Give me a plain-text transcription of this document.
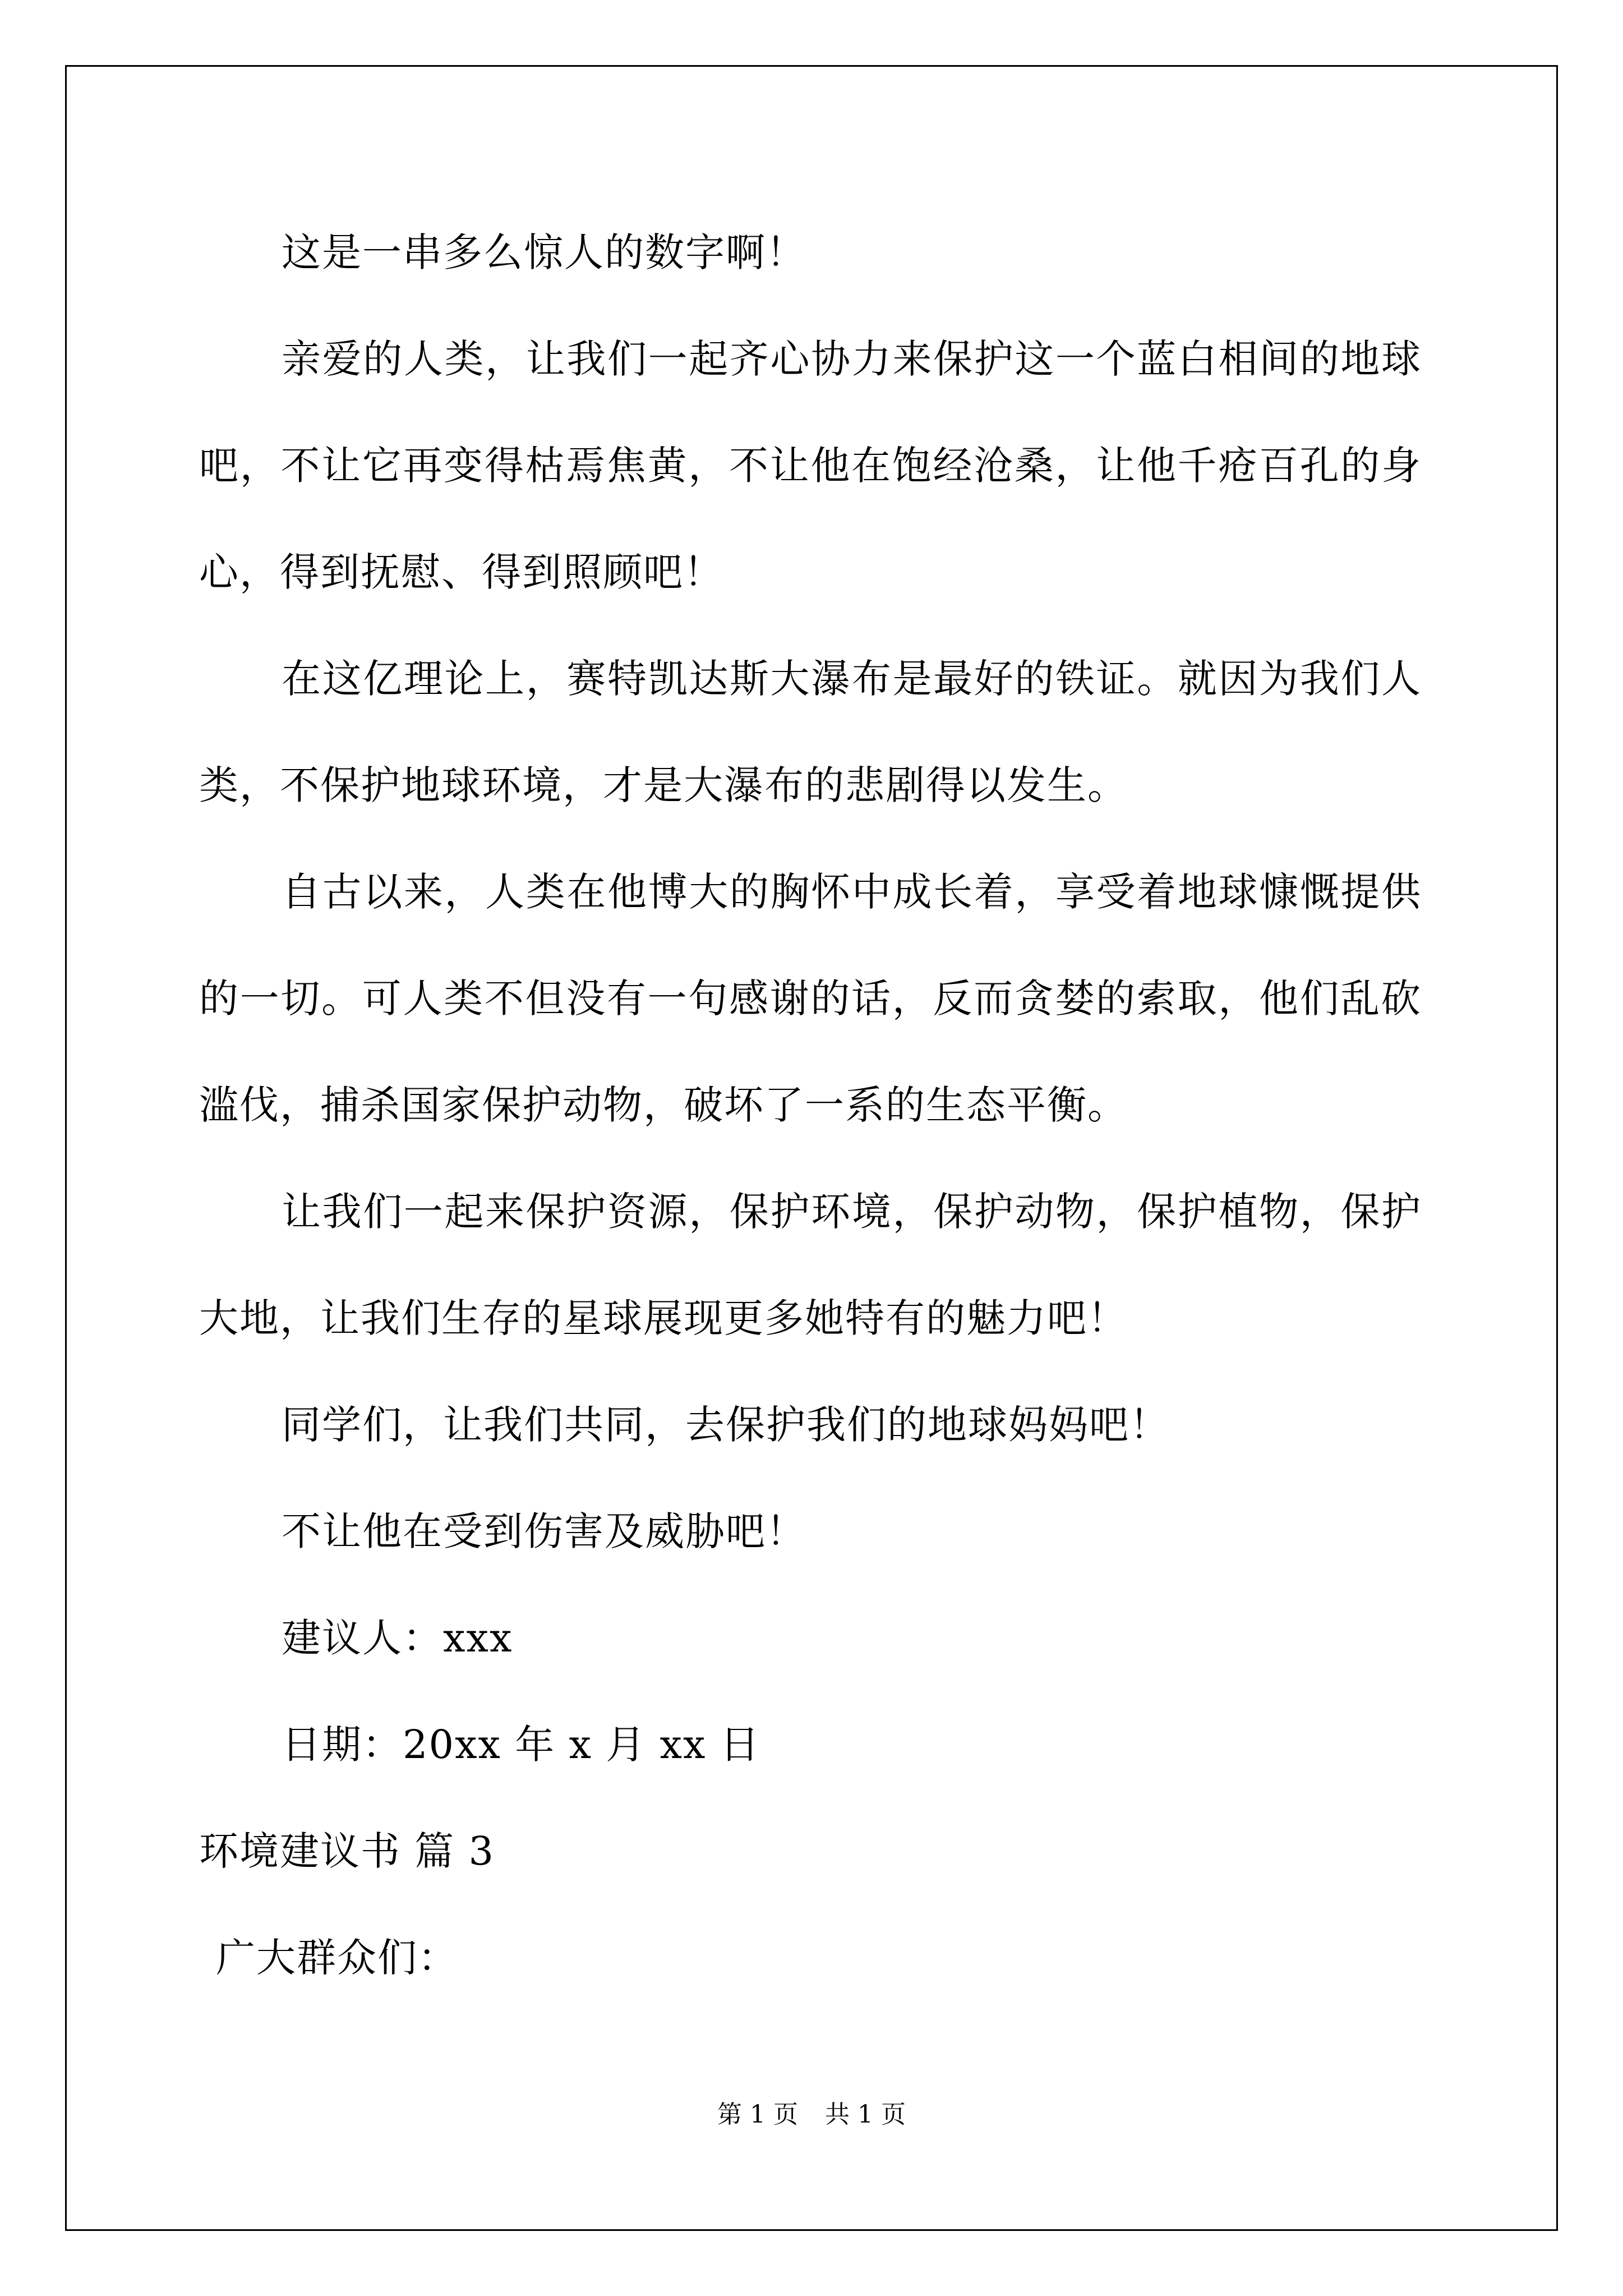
这是一串多么惊人的数字啊！
亲爱的人类，让我们一起齐心协力来保护这一个蓝白相间的地球
吧，不让它再变得枯焉焦黄，不让他在饱经沧桑，让他千疮百孔的身
心，得到抚慰、得到照顾吧！
在这亿理论上，赛特凯达斯大瀑布是最好的铁证。就因为我们人
类，不保护地球环境，才是大瀑布的悲剧得以发生。
自古以来，人类在他博大的胸怀中成长着，享受着地球慷慨提供
的一切。可人类不但没有一句感谢的话，反而贪婪的索取，他们乱砍
滥伐，捕杀国家保护动物，破坏了一系的生态平衡。
让我们一起来保护资源，保护环境，保护动物，保护植物，保护
大地，让我们生存的星球展现更多她特有的魅力吧！
同学们，让我们共同，去保护我们的地球妈妈吧！
不让他在受到伤害及威胁吧！
建议人：xxx
日期：20xx 年 x 月 xx 日
环境建议书 篇 3
广大群众们：
第 1 页 共 1 页
